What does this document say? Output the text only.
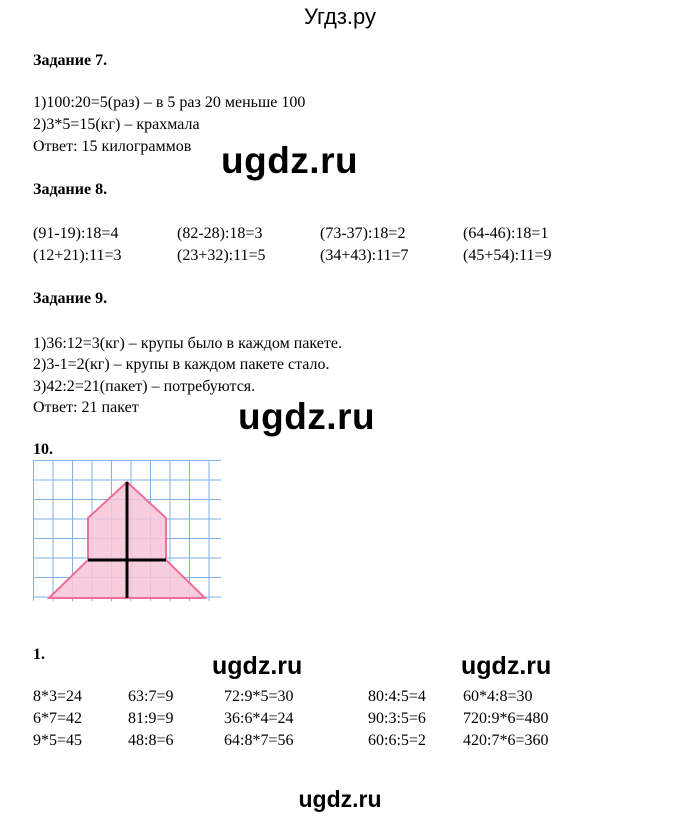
Угдз.ру
Задание 7.
1)100:20=5(раз) – в 5 раз 20 меньше 100
2)3*5=15(кг) – крахмала
Ответ: 15 килограммов ugdz.ru
Задание 8.
(91-19):18=4	(82-28):18=3	(73-37):18=2	(64-46):18=1
(12+21):11=3	(23+32):11=5	(34+43):11=7	(45+54):11=9
Задание 9.
1)36:12=3(кг) – крупы было в каждом пакете.
2)3-1=2(кг) – крупы в каждом пакете стало.
3)42:2=21(пакет) – потребуются.
Ответ: 21 пакет	ugdz.ru
10.
1.	ugdz.ru	ugdz.ru
8*3=24	63:7=9	72:9*5=30	80:4:5=4 60*4:8=30
6*7=42	81:9=9	36:6*4=24	90:3:5=6 720:9*6=480
9*5=45	48:8=6	64:8*7=56	60:6:5=2 420:7*6=360
ugdz.ru
